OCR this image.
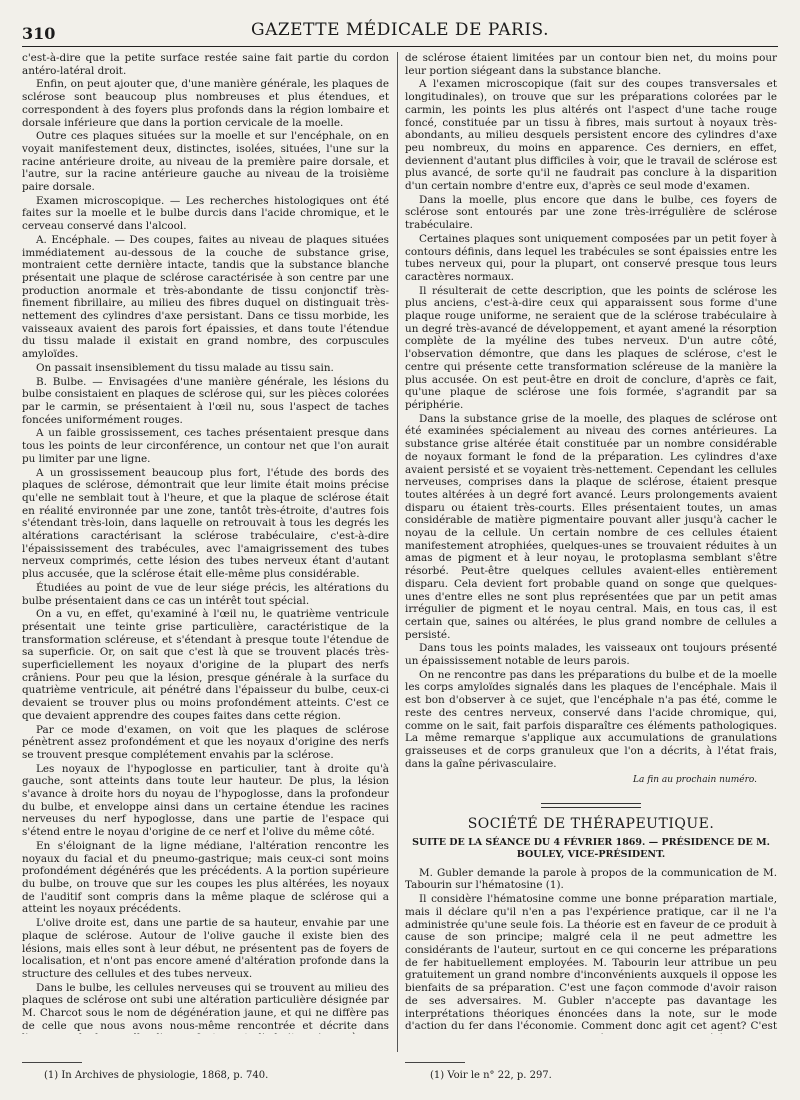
310	GAZETTE MÉDICALE DE PARIS.

c'est-à-dire que la petite surface restée saine fait partie du cordon antéro-latéral droit.

Enfin, on peut ajouter que, d'une manière générale, les plaques de sclérose sont beaucoup plus nombreuses et plus étendues, et correspondent à des foyers plus profonds dans la région lombaire et dorsale inférieure que dans la portion cervicale de la moelle.

Outre ces plaques situées sur la moelle et sur l'encéphale, on en voyait manifestement deux, distinctes, isolées, situées, l'une sur la racine antérieure droite, au niveau de la première paire dorsale, et l'autre, sur la racine antérieure gauche au niveau de la troisième paire dorsale.

Examen microscopique. — Les recherches histologiques ont été faites sur la moelle et le bulbe durcis dans l'acide chromique, et le cerveau conservé dans l'alcool.

A. Encéphale. — Des coupes, faites au niveau de plaques situées immédiatement au-dessous de la couche de substance grise, montraient cette dernière intacte, tandis que la substance blanche présentait une plaque de sclérose caractérisée à son centre par une production anormale et très-abondante de tissu conjonctif très-finement fibrillaire, au milieu des fibres duquel on distinguait très-nettement des cylindres d'axe persistant. Dans ce tissu morbide, les vaisseaux avaient des parois fort épaissies, et dans toute l'étendue du tissu malade il existait en grand nombre, des corpuscules amyloïdes.

On passait insensiblement du tissu malade au tissu sain.

B. Bulbe. — Envisagées d'une manière générale, les lésions du bulbe consistaient en plaques de sclérose qui, sur les pièces colorées par le carmin, se présentaient à l'œil nu, sous l'aspect de taches foncées uniformément rouges.

A un faible grossissement, ces taches présentaient presque dans tous les points de leur circonférence, un contour net que l'on aurait pu limiter par une ligne.

A un grossissement beaucoup plus fort, l'étude des bords des plaques de sclérose, démontrait que leur limite était moins précise qu'elle ne semblait tout à l'heure, et que la plaque de sclérose était en réalité environnée par une zone, tantôt très-étroite, d'autres fois s'étendant très-loin, dans laquelle on retrouvait à tous les degrés les altérations caractérisant la sclérose trabéculaire, c'est-à-dire l'épaississement des trabécules, avec l'amaigrissement des tubes nerveux comprimés, cette lésion des tubes nerveux étant d'autant plus accusée, que la sclérose était elle-même plus considérable.

Étudiées au point de vue de leur siége précis, les altérations du bulbe présentaient dans ce cas un intérêt tout spécial.

On a vu, en effet, qu'examiné à l'œil nu, le quatrième ventricule présentait une teinte grise particulière, caractéristique de la transformation scléreuse, et s'étendant à presque toute l'étendue de sa superficie. Or, on sait que c'est là que se trouvent placés très-superficiellement les noyaux d'origine de la plupart des nerfs crâniens. Pour peu que la lésion, presque générale à la surface du quatrième ventricule, ait pénétré dans l'épaisseur du bulbe, ceux-ci devaient se trouver plus ou moins profondément atteints. C'est ce que devaient apprendre des coupes faites dans cette région.

Par ce mode d'examen, on voit que les plaques de sclérose pénètrent assez profondément et que les noyaux d'origine des nerfs se trouvent presque complétement envahis par la sclérose.

Les noyaux de l'hypoglosse en particulier, tant à droite qu'à gauche, sont atteints dans toute leur hauteur. De plus, la lésion s'avance à droite hors du noyau de l'hypoglosse, dans la profondeur du bulbe, et enveloppe ainsi dans un certaine étendue les racines nerveuses du nerf hypoglosse, dans une partie de l'espace qui s'étend entre le noyau d'origine de ce nerf et l'olive du même côté.

En s'éloignant de la ligne médiane, l'altération rencontre les noyaux du facial et du pneumo-gastrique; mais ceux-ci sont moins profondément dégénérés que les précédents. A la portion supérieure du bulbe, on trouve que sur les coupes les plus altérées, les noyaux de l'auditif sont compris dans la même plaque de sclérose qui a atteint les noyaux précédents.

L'olive droite est, dans une partie de sa hauteur, envahie par une plaque de sclérose. Autour de l'olive gauche il existe bien des lésions, mais elles sont à leur début, ne présentent pas de foyers de localisation, et n'ont pas encore amené d'altération profonde dans la structure des cellules et des tubes nerveux.

Dans le bulbe, les cellules nerveuses qui se trouvent au milieu des plaques de sclérose ont subi une altération particulière désignée par M. Charcot sous le nom de dégénération jaune, et qui ne diffère pas de celle que nous avons nous-même rencontrée et décrite dans

de sclérose étaient limitées par un contour bien net, du moins pour leur portion siégeant dans la substance blanche.

A l'examen microscopique (fait sur des coupes transversales et longitudinales), on trouve que sur les préparations colorées par le carmin, les points les plus altérés ont l'aspect d'une tache rouge foncé, constituée par un tissu à fibres, mais surtout à noyaux très-abondants, au milieu desquels persistent encore des cylindres d'axe peu nombreux, du moins en apparence. Ces derniers, en effet, deviennent d'autant plus difficiles à voir, que le travail de sclérose est plus avancé, de sorte qu'il ne faudrait pas conclure à la disparition d'un certain nombre d'entre eux, d'après ce seul mode d'examen.

Dans la moelle, plus encore que dans le bulbe, ces foyers de sclérose sont entourés par une zone très-irrégulière de sclérose trabéculaire.

Certaines plaques sont uniquement composées par un petit foyer à contours définis, dans lequel les trabécules se sont épaissies entre les tubes nerveux qui, pour la plupart, ont conservé presque tous leurs caractères normaux.

Il résulterait de cette description, que les points de sclérose les plus anciens, c'est-à-dire ceux qui apparaissent sous forme d'une plaque rouge uniforme, ne seraient que de la sclérose trabéculaire à un degré très-avancé de développement, et ayant amené la résorption complète de la myéline des tubes nerveux. D'un autre côté, l'observation démontre, que dans les plaques de sclérose, c'est le centre qui présente cette transformation scléreuse de la manière la plus accusée. On est peut-être en droit de conclure, d'après ce fait, qu'une plaque de sclérose une fois formée, s'agrandit par sa périphérie.

Dans la substance grise de la moelle, des plaques de sclérose ont été examinées spécialement au niveau des cornes antérieures. La substance grise altérée était constituée par un nombre considérable de noyaux formant le fond de la préparation. Les cylindres d'axe avaient persisté et se voyaient très-nettement. Cependant les cellules nerveuses, comprises dans la plaque de sclérose, étaient presque toutes altérées à un degré fort avancé. Leurs prolongements avaient disparu ou étaient très-courts. Elles présentaient toutes, un amas considérable de matière pigmentaire pouvant aller jusqu'à cacher le noyau de la cellule. Un certain nombre de ces cellules étaient manifestement atrophiées, quelques-unes se trouvaient réduites à un amas de pigment et à leur noyau, le protoplasma semblant s'être résorbé. Peut-être quelques cellules avaient-elles entièrement disparu. Cela devient fort probable quand on songe que quelques-unes d'entre elles ne sont plus représentées que par un petit amas irrégulier de pigment et le noyau central. Mais, en tous cas, il est certain que, saines ou altérées, le plus grand nombre de cellules a persisté.

Dans tous les points malades, les vaisseaux ont toujours présenté un épaississement notable de leurs parois.

On ne rencontre pas dans les préparations du bulbe et de la moelle les corps amyloïdes signalés dans les plaques de l'encéphale. Mais il est bon d'observer à ce sujet, que l'encéphale n'a pas été, comme le reste des centres nerveux, conservé dans l'acide chromique, qui, comme on le sait, fait parfois disparaître ces éléments pathologiques. La même remarque s'applique aux accumulations de granulations graisseuses et de corps granuleux que l'on a décrits, à l'état frais, dans la gaîne périvasculaire.

La fin au prochain numéro.

SOCIÉTÉ DE THÉRAPEUTIQUE.

SUITE DE LA SÉANCE DU 4 FÉVRIER 1869. — PRÉSIDENCE DE M. BOULEY, VICE-PRÉSIDENT.

M. Gubler demande la parole à propos de la communication de M. Tabourin sur l'hématosine (1).

Il considère l'hématosine comme une bonne préparation martiale, mais il déclare qu'il n'en a pas l'expérience pratique, car il ne l'a administrée qu'une seule fois. La théorie est en faveur de ce produit à cause de son principe; malgré cela il ne peut admettre les considérants de l'auteur, surtout en ce qui concerne les préparations de fer habituellement employées. M. Tabourin leur attribue un peu gratuitement un grand nombre d'inconvénients auxquels il oppose les bienfaits de sa préparation. C'est une façon commode d'avoir raison de ses adversaires. M. Gubler n'accepte pas davantage les interprétations théoriques énoncées dans la note, sur le mode d'action du fer dans l'économie. Comment donc agit cet agent? C'est

(1) In Archives de physiologie, 1868, p. 740.	(1) Voir le n° 22, p. 297.
